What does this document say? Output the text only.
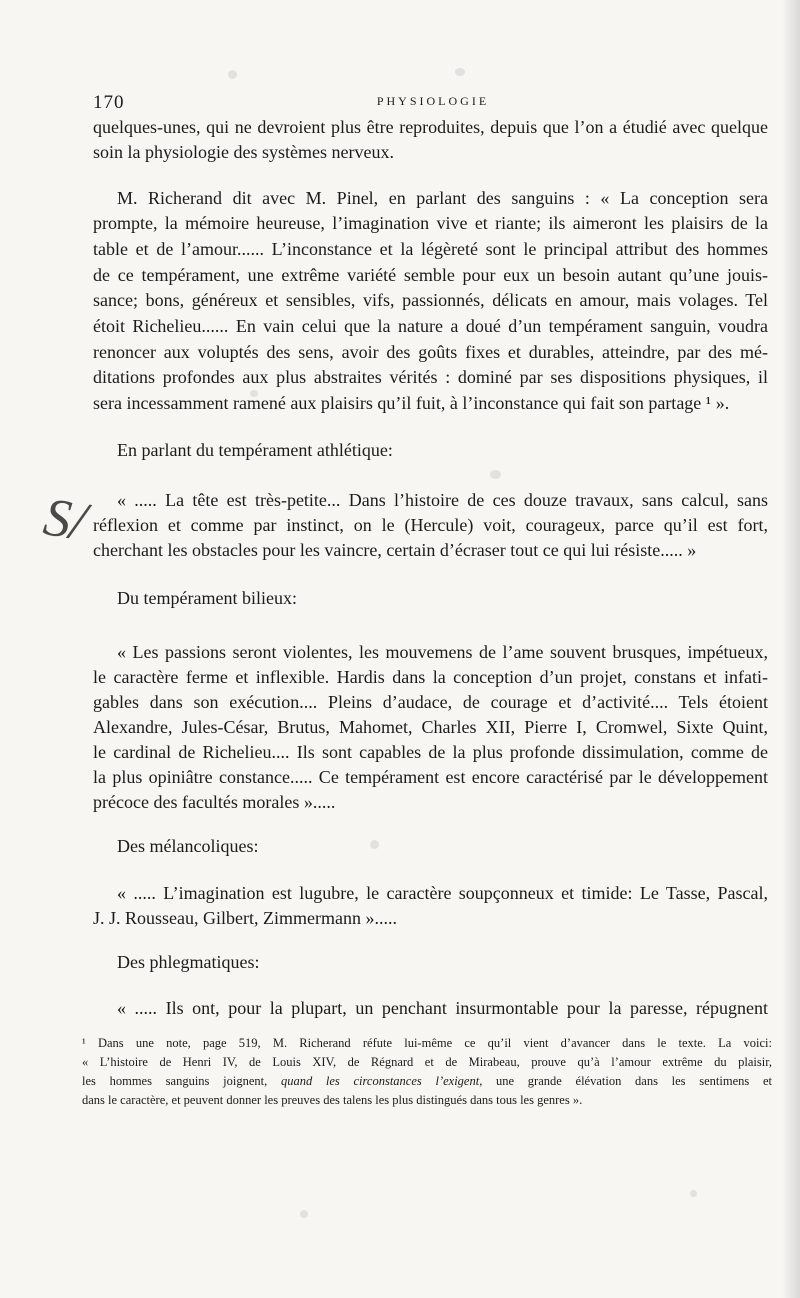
170	PHYSIOLOGIE
S/
quelques-unes, qui ne devroient plus être reproduites, depuis que l’on a étudié avec quelque
soin la physiologie des systèmes nerveux.
M. Richerand dit avec M. Pinel, en parlant des sanguins : « La conception sera
prompte, la mémoire heureuse, l’imagination vive et riante; ils aimeront les plaisirs de la
table et de l’amour...... L’inconstance et la légèreté sont le principal attribut des hommes
de ce tempérament, une extrême variété semble pour eux un besoin autant qu’une jouis-
sance; bons, généreux et sensibles, vifs, passionnés, délicats en amour, mais volages. Tel
étoit Richelieu...... En vain celui que la nature a doué d’un tempérament sanguin, voudra
renoncer aux voluptés des sens, avoir des goûts fixes et durables, atteindre, par des mé-
ditations profondes aux plus abstraites vérités : dominé par ses dispositions physiques, il
sera incessamment ramené aux plaisirs qu’il fuit, à l’inconstance qui fait son partage ¹ ».
En parlant du tempérament athlétique:
« ..... La tête est très-petite... Dans l’histoire de ces douze travaux, sans calcul, sans
réflexion et comme par instinct, on le (Hercule) voit, courageux, parce qu’il est fort,
cherchant les obstacles pour les vaincre, certain d’écraser tout ce qui lui résiste..... »
Du tempérament bilieux:
« Les passions seront violentes, les mouvemens de l’ame souvent brusques, impétueux,
le caractère ferme et inflexible. Hardis dans la conception d’un projet, constans et infati-
gables dans son exécution.... Pleins d’audace, de courage et d’activité.... Tels étoient
Alexandre, Jules-César, Brutus, Mahomet, Charles XII, Pierre I, Cromwel, Sixte Quint,
le cardinal de Richelieu.... Ils sont capables de la plus profonde dissimulation, comme de
la plus opiniâtre constance..... Ce tempérament est encore caractérisé par le développement
précoce des facultés morales ».....
Des mélancoliques:
« ..... L’imagination est lugubre, le caractère soupçonneux et timide: Le Tasse, Pascal,
J. J. Rousseau, Gilbert, Zimmermann ».....
Des phlegmatiques:
« ..... Ils ont, pour la plupart, un penchant insurmontable pour la paresse, répugnent
¹ Dans une note, page 519, M. Richerand réfute lui-même ce qu’il vient d’avancer dans le texte. La voici:
« L’histoire de Henri IV, de Louis XIV, de Régnard et de Mirabeau, prouve qu’à l’amour extrême du plaisir,
les hommes sanguins joignent, quand les circonstances l’exigent, une grande élévation dans les sentimens et
dans le caractère, et peuvent donner les preuves des talens les plus distingués dans tous les genres ».
